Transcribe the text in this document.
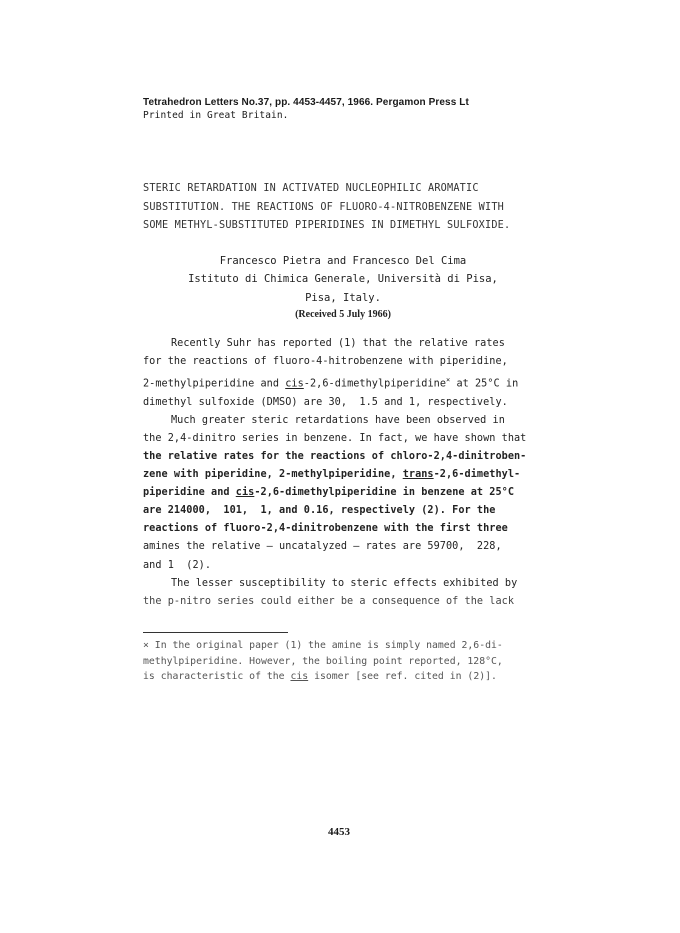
Tetrahedron Letters No.37, pp. 4453-4457, 1966. Pergamon Press Lt
Printed in Great Britain.
STERIC RETARDATION IN ACTIVATED NUCLEOPHILIC AROMATIC
SUBSTITUTION. THE REACTIONS OF FLUORO-4-NITROBENZENE WITH
SOME METHYL-SUBSTITUTED PIPERIDINES IN DIMETHYL SULFOXIDE.
Francesco Pietra and Francesco Del Cima
Istituto di Chimica Generale, Università di Pisa,
Pisa, Italy.
(Received 5 July 1966)

Recently Suhr has reported (1) that the relative rates
for the reactions of fluoro-4-hitrobenzene with piperidine,
2-methylpiperidine and cis-2,6-dimethylpiperidine× at 25°C in
dimethyl sulfoxide (DMSO) are 30,  1.5 and 1, respectively.

Much greater steric retardations have been observed in
the 2,4-dinitro series in benzene. In fact, we have shown that
the relative rates for the reactions of chloro-2,4-dinitroben-
zene with piperidine, 2-methylpiperidine, trans-2,6-dimethyl-
piperidine and cis-2,6-dimethylpiperidine in benzene at 25°C
are 214000,  101,  1, and 0.16, respectively (2). For the
reactions of fluoro-2,4-dinitrobenzene with the first three
amines the relative — uncatalyzed — rates are 59700,  228,
and 1  (2).

The lesser susceptibility to steric effects exhibited by
the p-nitro series could either be a consequence of the lack

× In the original paper (1) the amine is simply named 2,6-di-
methylpiperidine. However, the boiling point reported, 128°C,
is characteristic of the cis isomer [see ref. cited in (2)].
4453
